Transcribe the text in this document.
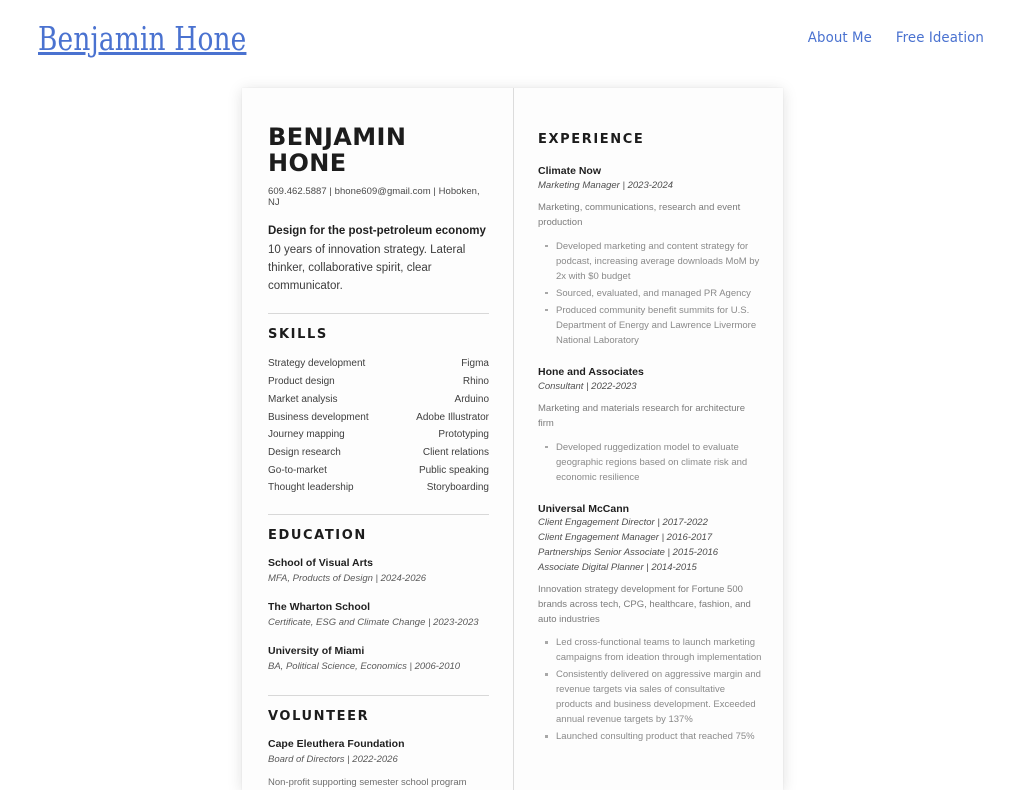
Benjamin Hone	About Me Free Ideation
BENJAMIN HONE
609.462.5887 | bhone609@gmail.com | Hoboken, NJ
Design for the post-petroleum economy
10 years of innovation strategy. Lateral thinker, collaborative spirit, clear communicator.
SKILLS
Strategy development	Figma
Product design	Rhino
Market analysis	Arduino
Business development	Adobe Illustrator
Journey mapping	Prototyping
Design research	Client relations
Go-to-market	Public speaking
Thought leadership	Storyboarding
EDUCATION
School of Visual Arts
MFA, Products of Design | 2024-2026
The Wharton School
Certificate, ESG and Climate Change | 2023-2023
University of Miami
BA, Political Science, Economics | 2006-2010
VOLUNTEER
Cape Eleuthera Foundation
Board of Directors | 2022-2026
Non-profit supporting semester school program
EXPERIENCE
Climate Now
Marketing Manager | 2023-2024
Marketing, communications, research and event production
Developed marketing and content strategy for podcast, increasing average downloads MoM by 2x with $0 budget
Sourced, evaluated, and managed PR Agency
Produced community benefit summits for U.S. Department of Energy and Lawrence Livermore National Laboratory
Hone and Associates
Consultant | 2022-2023
Marketing and materials research for architecture firm
Developed ruggedization model to evaluate geographic regions based on climate risk and economic resilience
Universal McCann
Client Engagement Director | 2017-2022
Client Engagement Manager | 2016-2017
Partnerships Senior Associate | 2015-2016
Associate Digital Planner | 2014-2015
Innovation strategy development for Fortune 500 brands across tech, CPG, healthcare, fashion, and auto industries
Led cross-functional teams to launch marketing campaigns from ideation through implementation
Consistently delivered on aggressive margin and revenue targets via sales of consultative products and business development. Exceeded annual revenue targets by 137%
Launched consulting product that reached 75%
